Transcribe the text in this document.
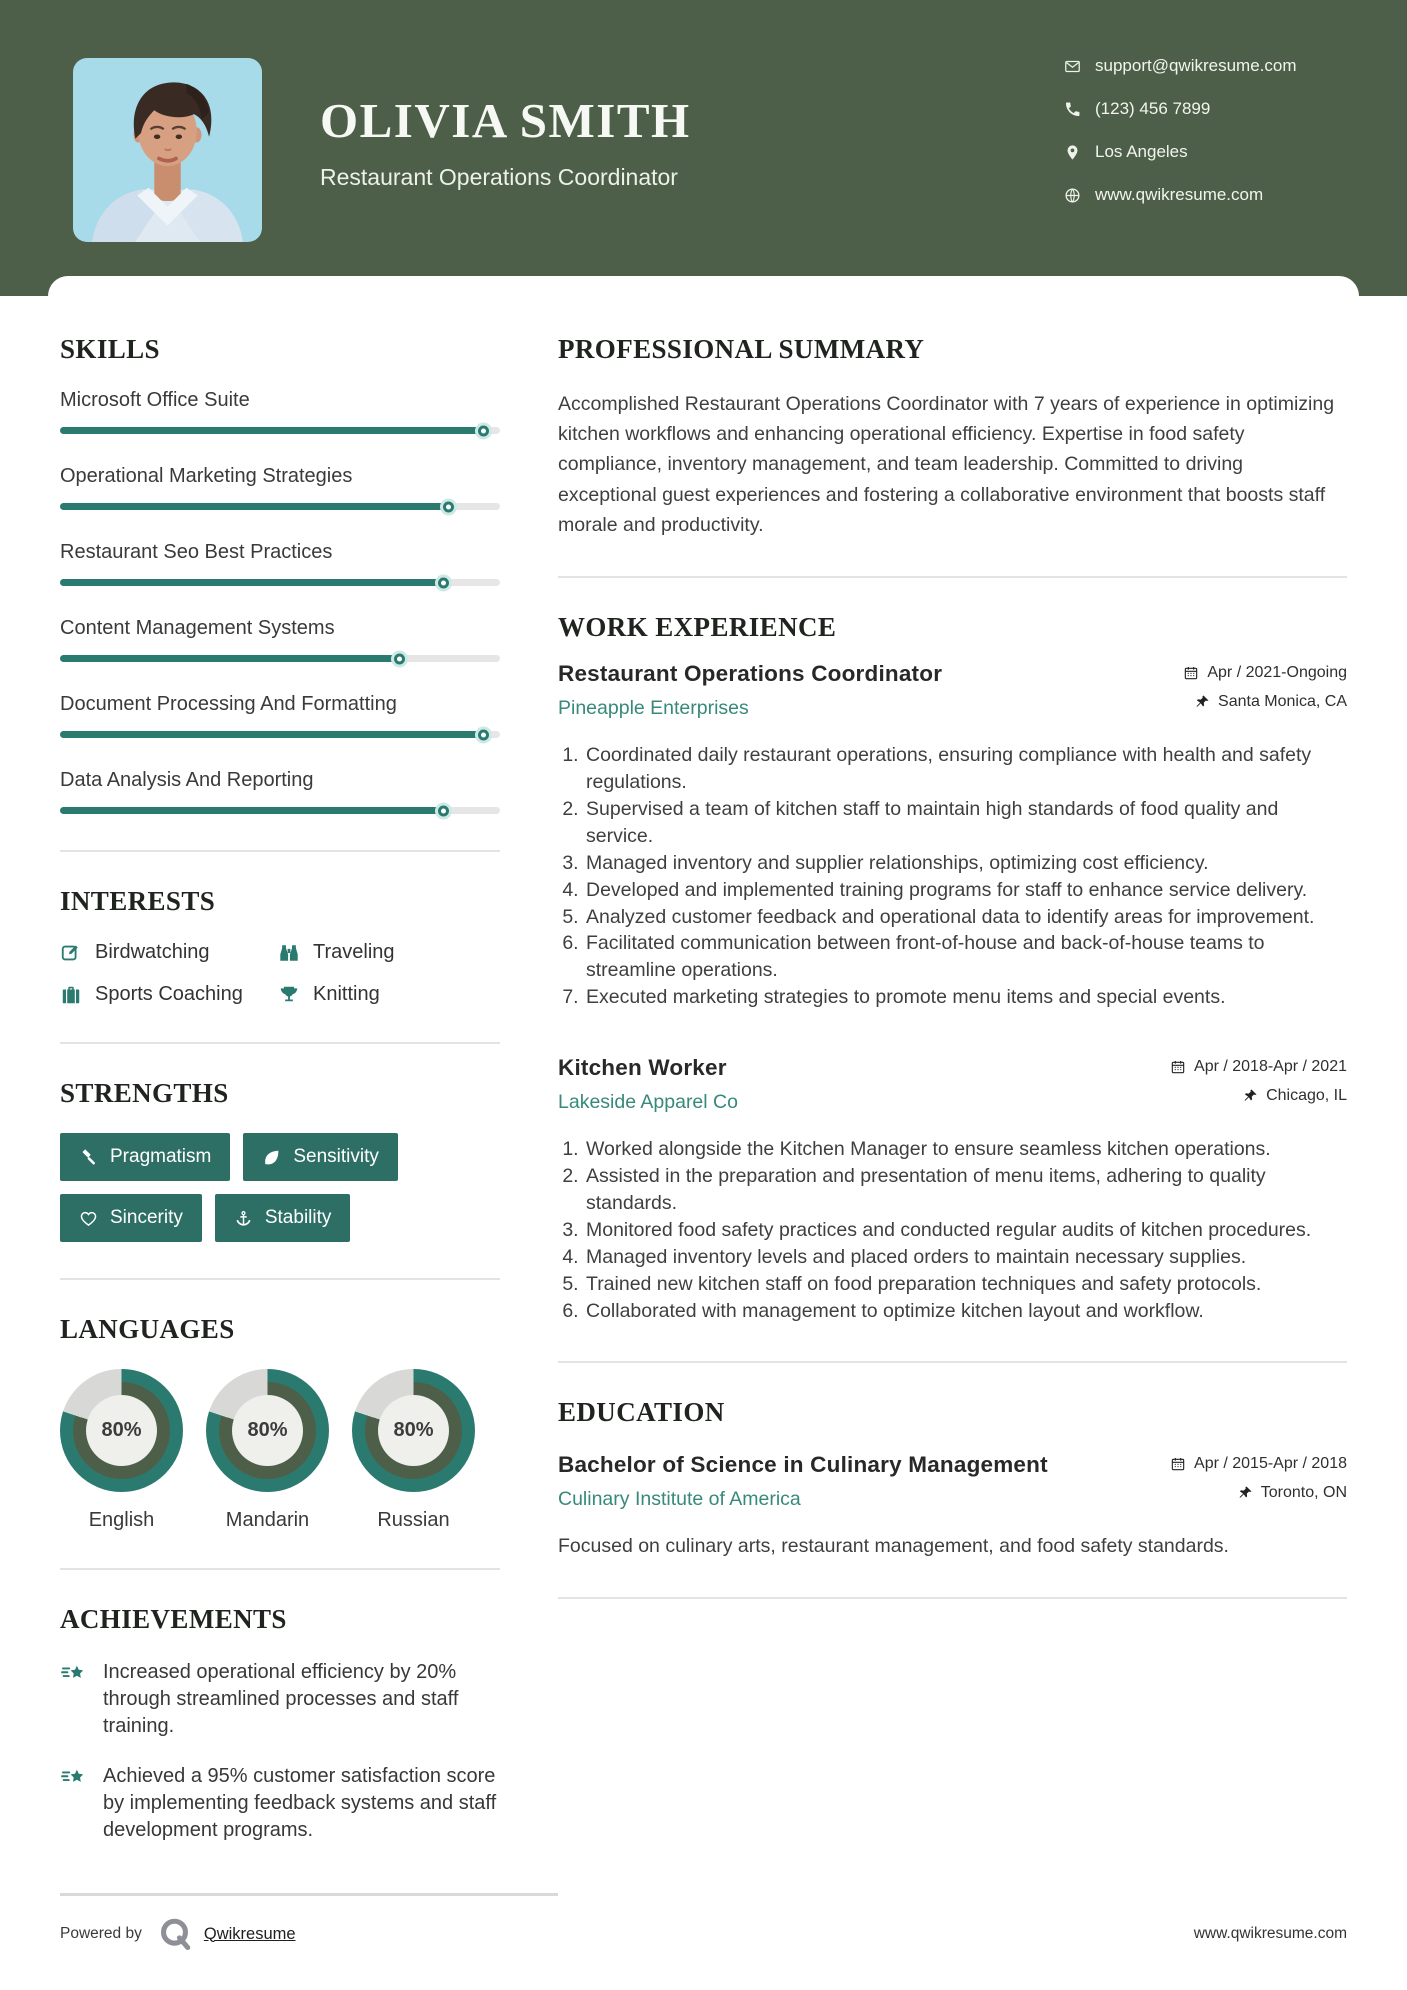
OLIVIA SMITH
Restaurant Operations Coordinator
support@qwikresume.com
(123) 456 7899
Los Angeles
www.qwikresume.com
SKILLS
Microsoft Office Suite
Operational Marketing Strategies
Restaurant Seo Best Practices
Content Management Systems
Document Processing And Formatting
Data Analysis And Reporting
INTERESTS
Birdwatching	Traveling
Sports Coaching	Knitting
STRENGTHS
Pragmatism	Sensitivity
Sincerity	Stability
LANGUAGES
80%
English
80%
Mandarin
80%
Russian
ACHIEVEMENTS

Increased operational efficiency by 20% through streamlined processes and staff training.

Achieved a 95% customer satisfaction score by implementing feedback systems and staff development programs.

PROFESSIONAL SUMMARY

Accomplished Restaurant Operations Coordinator with 7 years of experience in optimizing kitchen workflows and enhancing operational efficiency. Expertise in food safety compliance, inventory management, and team leadership. Committed to driving exceptional guest experiences and fostering a collaborative environment that boosts staff morale and productivity.

WORK EXPERIENCE
Restaurant Operations Coordinator
Pineapple Enterprises
Apr / 2021-Ongoing
Santa Monica, CA
1. Coordinated daily restaurant operations, ensuring compliance with health and safety regulations.
2. Supervised a team of kitchen staff to maintain high standards of food quality and service.
3. Managed inventory and supplier relationships, optimizing cost efficiency.
4. Developed and implemented training programs for staff to enhance service delivery.
5. Analyzed customer feedback and operational data to identify areas for improvement.
6. Facilitated communication between front-of-house and back-of-house teams to streamline operations.
7. Executed marketing strategies to promote menu items and special events.
Kitchen Worker
Lakeside Apparel Co
Apr / 2018-Apr / 2021
Chicago, IL
1. Worked alongside the Kitchen Manager to ensure seamless kitchen operations.
2. Assisted in the preparation and presentation of menu items, adhering to quality standards.
3. Monitored food safety practices and conducted regular audits of kitchen procedures.
4. Managed inventory levels and placed orders to maintain necessary supplies.
5. Trained new kitchen staff on food preparation techniques and safety protocols.
6. Collaborated with management to optimize kitchen layout and workflow.
EDUCATION
Bachelor of Science in Culinary Management
Culinary Institute of America
Apr / 2015-Apr / 2018
Toronto, ON

Focused on culinary arts, restaurant management, and food safety standards.

Powered by	Qwikresume	www.qwikresume.com
